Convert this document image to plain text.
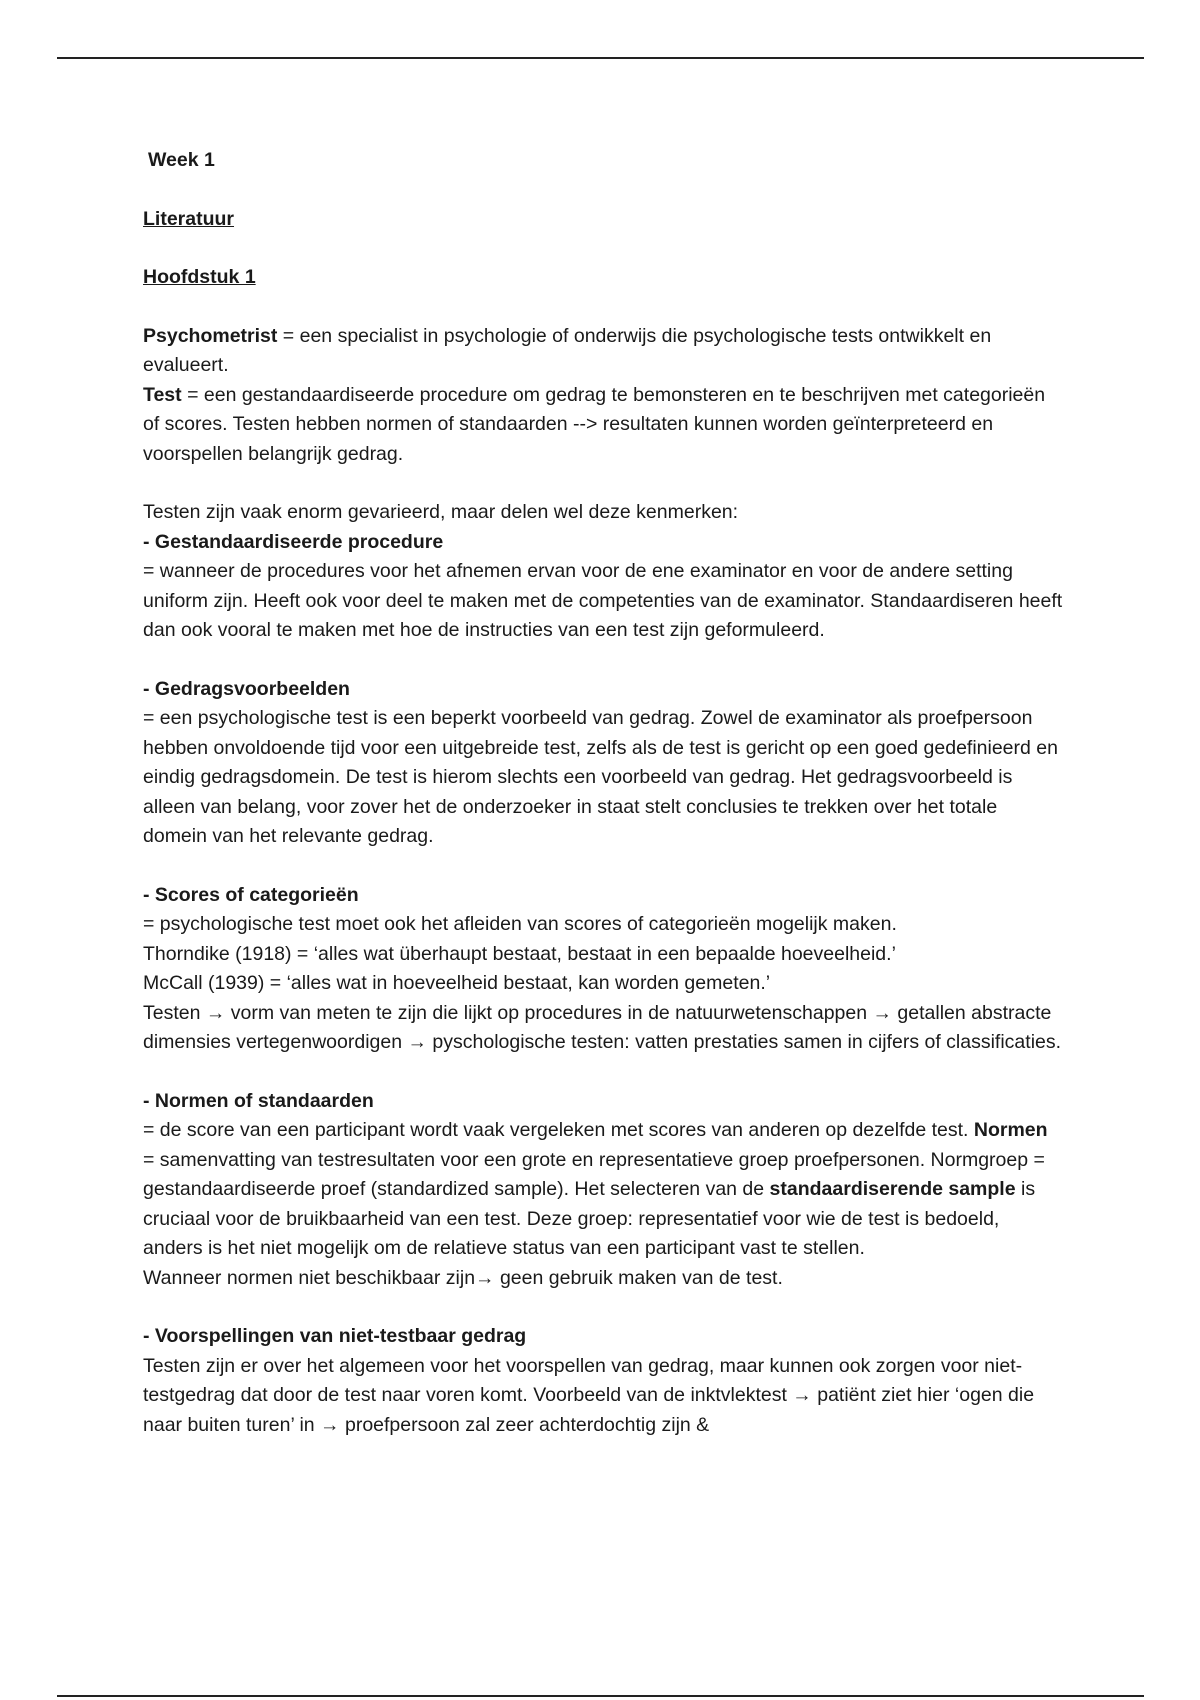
Week 1

Literatuur

Hoofdstuk 1

Psychometrist = een specialist in psychologie of onderwijs die psychologische tests ontwikkelt en evalueert.

Test = een gestandaardiseerde procedure om gedrag te bemonsteren en te beschrijven met categorieën of scores. Testen hebben normen of standaarden --> resultaten kunnen worden geïnterpreteerd en voorspellen belangrijk gedrag.

Testen zijn vaak enorm gevarieerd, maar delen wel deze kenmerken:

- Gestandaardiseerde procedure

= wanneer de procedures voor het afnemen ervan voor de ene examinator en voor de andere setting uniform zijn. Heeft ook voor deel te maken met de competenties van de examinator. Standaardiseren heeft dan ook vooral te maken met hoe de instructies van een test zijn geformuleerd.

- Gedragsvoorbeelden

= een psychologische test is een beperkt voorbeeld van gedrag. Zowel de examinator als proefpersoon hebben onvoldoende tijd voor een uitgebreide test, zelfs als de test is gericht op een goed gedefinieerd en eindig gedragsdomein. De test is hierom slechts een voorbeeld van gedrag. Het gedragsvoorbeeld is alleen van belang, voor zover het de onderzoeker in staat stelt conclusies te trekken over het totale domein van het relevante gedrag.

- Scores of categorieën

= psychologische test moet ook het afleiden van scores of categorieën mogelijk maken.

Thorndike (1918) = ‘alles wat überhaupt bestaat, bestaat in een bepaalde hoeveelheid.’

McCall (1939) = ‘alles wat in hoeveelheid bestaat, kan worden gemeten.’

Testen → vorm van meten te zijn die lijkt op procedures in de natuurwetenschappen → getallen abstracte dimensies vertegenwoordigen → pyschologische testen: vatten prestaties samen in cijfers of classificaties.

- Normen of standaarden

= de score van een participant wordt vaak vergeleken met scores van anderen op dezelfde test. Normen = samenvatting van testresultaten voor een grote en representatieve groep proefpersonen. Normgroep = gestandaardiseerde proef (standardized sample). Het selecteren van de standaardiserende sample is cruciaal voor de bruikbaarheid van een test. Deze groep: representatief voor wie de test is bedoeld, anders is het niet mogelijk om de relatieve status van een participant vast te stellen.

Wanneer normen niet beschikbaar zijn→ geen gebruik maken van de test.

- Voorspellingen van niet-testbaar gedrag

Testen zijn er over het algemeen voor het voorspellen van gedrag, maar kunnen ook zorgen voor niet-testgedrag dat door de test naar voren komt. Voorbeeld van de inktvlektest → patiënt ziet hier ‘ogen die naar buiten turen’ in → proefpersoon zal zeer achterdochtig zijn &
